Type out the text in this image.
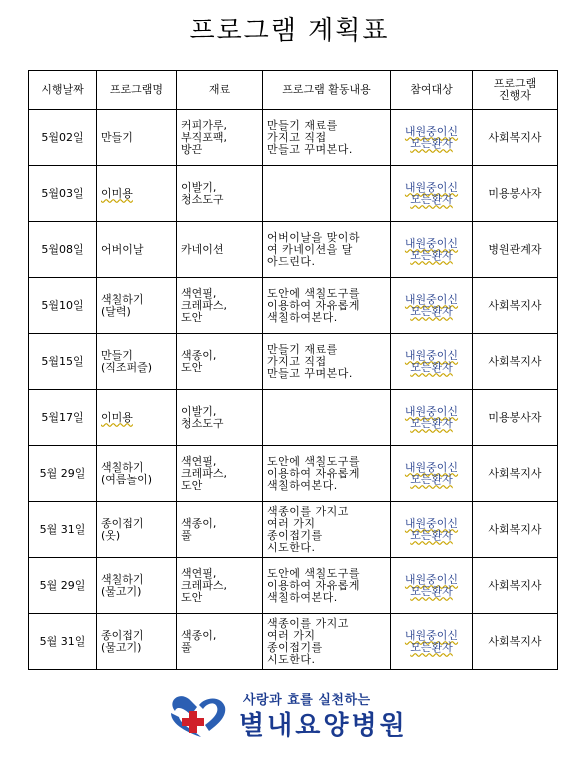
프로그램 계획표
시행날짜	프로그램명	재료	프로그램 활동내용	참여대상	프로그램
진행자
5월02일	만들기	커피가루,
부직포팩,
방끈	만들기 재료를
가지고 직접
만들고 꾸며본다.	내원중이신
모든환자	사회복지사
5월03일	이미용	이발기,
청소도구		내원중이신
모든환자	미용봉사자
5월08일	어버이날	카네이션	어버이날을 맞이하
여 카네이션을 달
아드린다.	내원중이신
모든환자	병원관계자
5월10일	색칠하기
(달력)	색연필,
크레파스,
도안	도안에 색칠도구를
이용하여 자유롭게
색칠하여본다.	내원중이신
모든환자	사회복지사
5월15일	만들기
(직조퍼즐)	색종이,
도안	만들기 재료를
가지고 직접
만들고 꾸며본다.	내원중이신
모든환자	사회복지사
5월17일	이미용	이발기,
청소도구		내원중이신
모든환자	미용봉사자
5월 29일	색칠하기
(여름놀이)	색연필,
크레파스,
도안	도안에 색칠도구를
이용하여 자유롭게
색칠하여본다.	내원중이신
모든환자	사회복지사
5월 31일	종이접기
(옷)	색종이,
풀	색종이를 가지고
여러 가지
종이접기를
시도한다.	내원중이신
모든환자	사회복지사
5월 29일	색칠하기
(물고기)	색연필,
크레파스,
도안	도안에 색칠도구를
이용하여 자유롭게
색칠하여본다.	내원중이신
모든환자	사회복지사
5월 31일	종이접기
(물고기)	색종이,
풀	색종이를 가지고
여러 가지
종이접기를
시도한다.	내원중이신
모든환자	사회복지사
사랑과 효를 실천하는
별내요양병원
